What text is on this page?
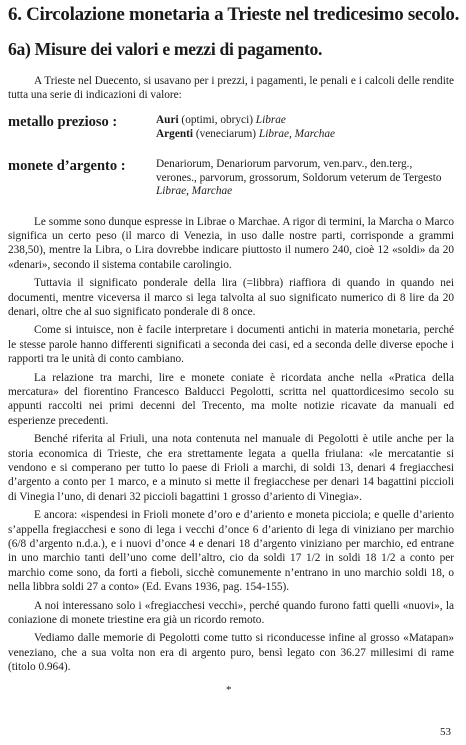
6. Circolazione monetaria a Trieste nel tredicesimo secolo.
6a) Misure dei valori e mezzi di pagamento.

A Trieste nel Duecento, si usavano per i prezzi, i pagamenti, le penali e i calcoli delle rendite tutta una serie di indicazioni di valore:

metallo prezioso :	Auri (optimi, obryci) Librae
Argenti (veneciarum) Librae, Marchae
monete d’argento :	Denariorum, Denariorum parvorum, ven.parv., den.terg., verones., parvorum, grossorum, Soldorum veterum de Tergesto Librae, Marchae

Le somme sono dunque espresse in Librae o Marchae. A rigor di termini, la Marcha o Marco significa un certo peso (il marco di Venezia, in uso dalle nostre parti, corrisponde a grammi 238,50), mentre la Libra, o Lira dovrebbe indicare piuttosto il numero 240, cioè 12 «soldi» da 20 «denari», secondo il sistema contabile carolingio.

Tuttavia il significato ponderale della lira (=libbra) riaffiora di quando in quando nei documenti, mentre viceversa il marco si lega talvolta al suo significato numerico di 8 lire da 20 denari, oltre che al suo significato ponderale di 8 once.

Come si intuisce, non è facile interpretare i documenti antichi in materia monetaria, perché le stesse parole hanno differenti significati a seconda dei casi, ed a seconda delle diverse epoche i rapporti tra le unità di conto cambiano.

La relazione tra marchi, lire e monete coniate è ricordata anche nella «Pratica della mercatura» del fiorentino Francesco Balducci Pegolotti, scritta nel quattordicesimo secolo su appunti raccolti nei primi decenni del Trecento, ma molte notizie ricavate da manuali ed esperienze precedenti.

Benché riferita al Friuli, una nota contenuta nel manuale di Pegolotti è utile anche per la storia economica di Trieste, che era strettamente legata a quella friulana: «le mercatantie si vendono e si comperano per tutto lo paese di Frioli a marchi, di soldi 13, denari 4 fregiacchesi d’argento a conto per 1 marco, e a minuto si mette il fregiacchese per denari 14 bagattini piccioli di Vinegia l’uno, di denari 32 piccioli bagattini 1 grosso d’ariento di Vinegia».

E ancora: «ispendesi in Frioli monete d’oro e d’ariento e moneta picciola; e quelle d’ariento s’appella fregiacchesi e sono di lega i vecchi d’once 6 d’ariento di lega di viniziano per marchio (6/8 d’argento n.d.a.), e i nuovi d’once 4 e denari 18 d’argento viniziano per marchio, ed entrane in uno marchio tanti dell’uno come dell’altro, cio da soldi 17 1/2 in soldi 18 1/2 a conto per marchio come sono, da forti a fieboli, sicchè comunemente n’entrano in uno marchio soldi 18, o nella libbra soldi 27 a conto» (Ed. Evans 1936, pag. 154-155).

A noi interessano solo i «fregiacchesi vecchi», perché quando furono fatti quelli «nuovi», la coniazione di monete triestine era già un ricordo remoto.

Vediamo dalle memorie di Pegolotti come tutto si riconducesse infine al grosso «Matapan» veneziano, che a sua volta non era di argento puro, bensì legato con 36.27 millesimi di rame (titolo 0.964).

*
53
